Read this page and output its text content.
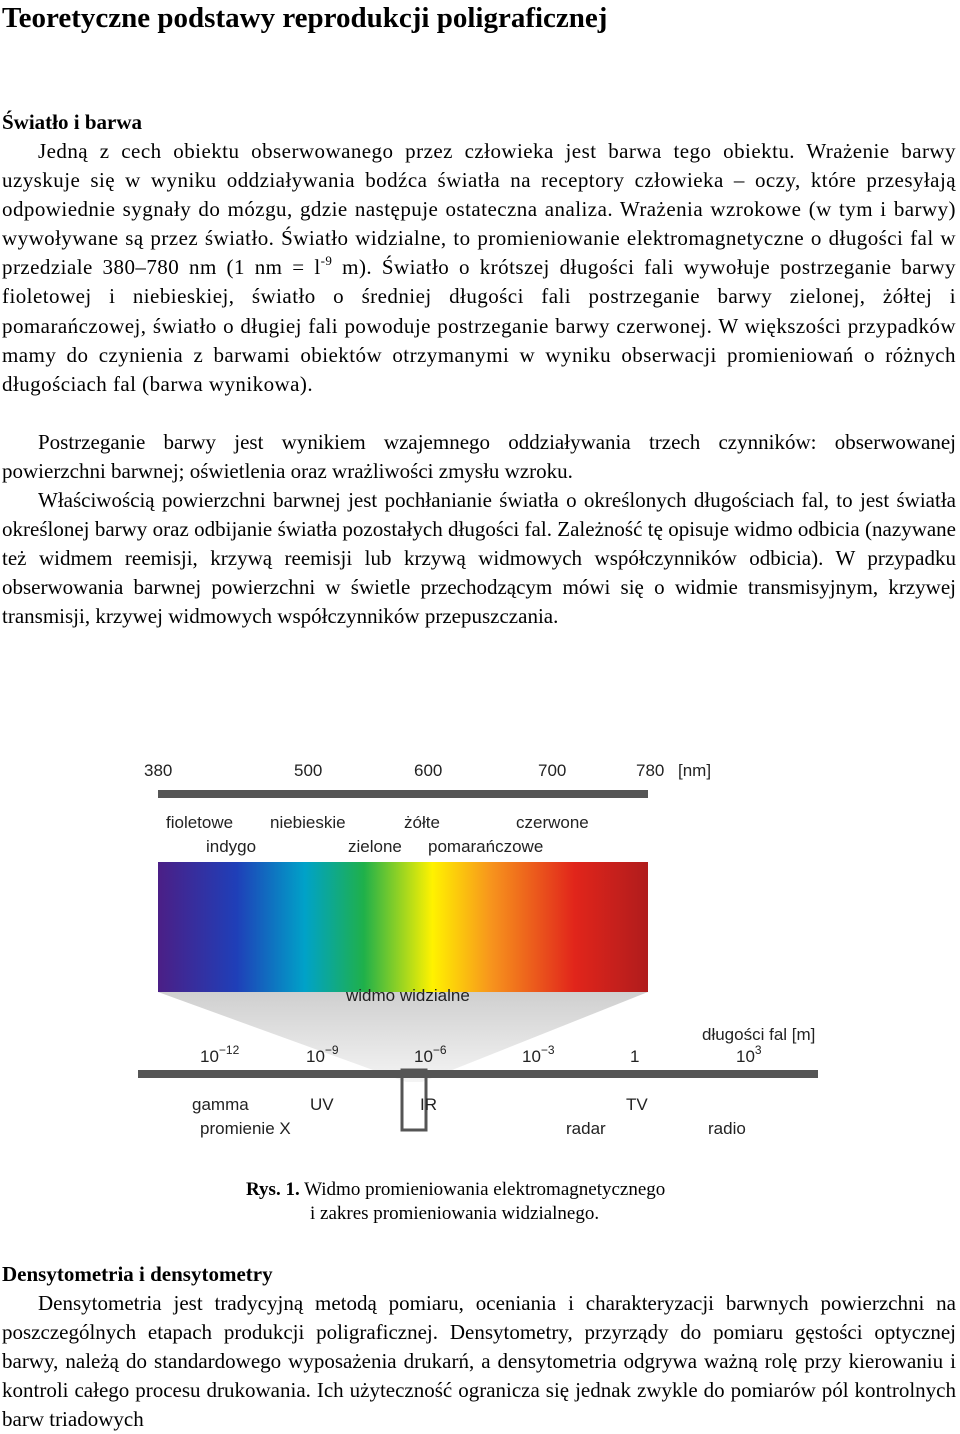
Teoretyczne podstawy reprodukcji poligraficznej
Światło i barwa

Jedną z cech obiektu obserwowanego przez człowieka jest barwa tego obiektu. Wrażenie barwy uzyskuje się w wyniku oddziaływania bodźca światła na receptory człowieka – oczy, które przesyłają odpowiednie sygnały do mózgu, gdzie następuje ostateczna analiza. Wrażenia wzrokowe (w tym i barwy) wywoływane są przez światło. Światło widzialne, to promieniowanie elektromagnetyczne o długości fal w przedziale 380–780 nm (1 nm = $l^{-9}$ m). Światło o krótszej długości fali wywołuje postrzeganie barwy fioletowej i niebieskiej, światło o średniej długości fali postrzeganie barwy zielonej, żółtej i pomarańczowej, światło o długiej fali powoduje postrzeganie barwy czerwonej. W większości przypadków mamy do czynienia z barwami obiektów otrzymanymi w wyniku obserwacji promieniowań o różnych długościach fal (barwa wynikowa).

Postrzeganie barwy jest wynikiem wzajemnego oddziaływania trzech czynników: obserwowanej powierzchni barwnej; oświetlenia oraz wrażliwości zmysłu wzroku.

Właściwością powierzchni barwnej jest pochłanianie światła o określonych długościach fal, to jest światła określonej barwy oraz odbijanie światła pozostałych długości fal. Zależność tę opisuje widmo odbicia (nazywane też widmem reemisji, krzywą reemisji lub krzywą widmowych współczynników odbicia). W przypadku obserwowania barwnej powierzchni w świetle przechodzącym mówi się o widmie transmisyjnym, krzywej transmisji, krzywej widmowych współczynników przepuszczania.

380	500	600	700	780 [nm]
fioletowe niebieskie	żółte	czerwone
indygo	zielone pomarańczowe
widmo widzialne
długości fal [m]
$10^{-12}$	$10^{-9}$	$10^{-6}$	$10^{-3}$	1	$10^3$
gamma
promienie X
UV	IR
radar
TV
radio
Rys. 1. Widmo promieniowania elektromagnetycznego
i zakres promieniowania widzialnego.
Densytometria i densytometry

Densytometria jest tradycyjną metodą pomiaru, oceniania i charakteryzacji barwnych powierzchni na poszczególnych etapach produkcji poligraficznej. Densytometry, przyrządy do pomiaru gęstości optycznej barwy, należą do standardowego wyposażenia drukarń, a densytometria odgrywa ważną rolę przy kierowaniu i kontroli całego procesu drukowania. Ich użyteczność ogranicza się jednak zwykle do pomiarów pól kontrolnych barw triadowych
